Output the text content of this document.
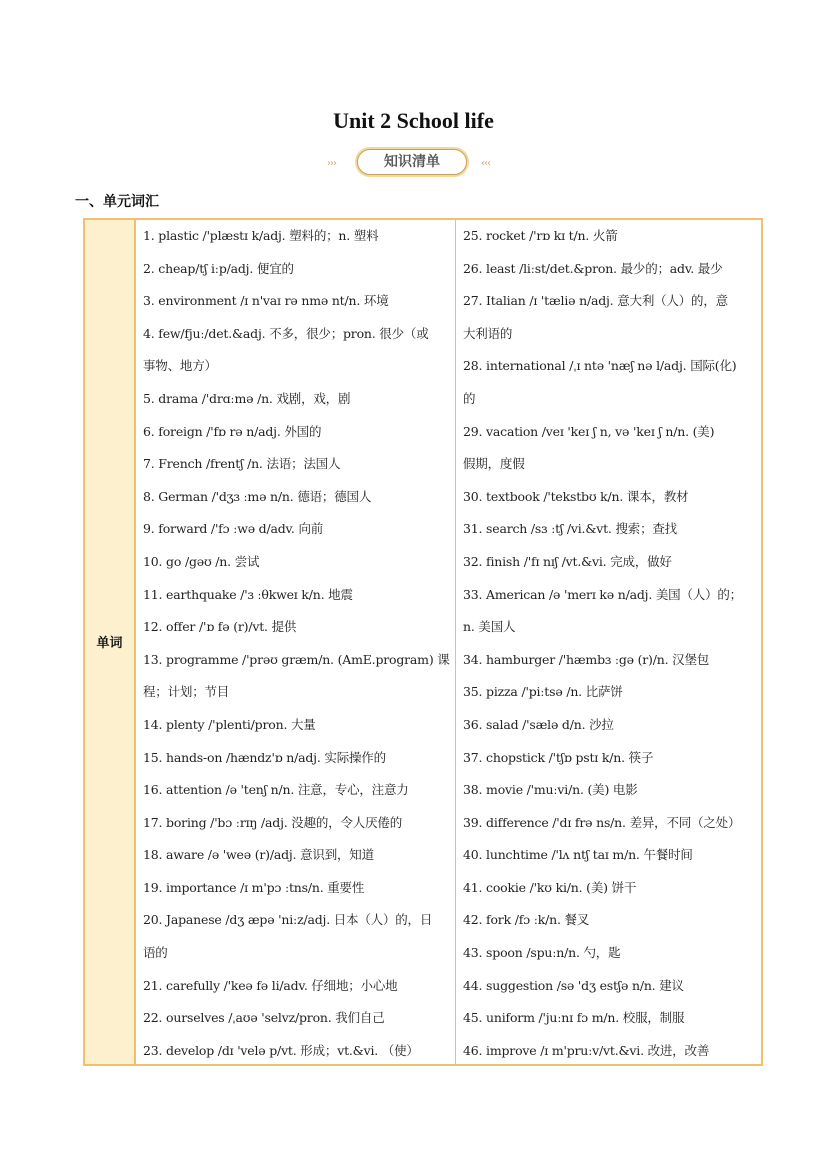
Unit 2 School life
›››	知识清单	‹‹‹
一、单元词汇
单词
1. plastic /'plæstɪ k/adj. 塑料的；n. 塑料
2. cheap/tʃ iːp/adj. 便宜的
3. environment /ɪ n'vaɪ rə nmə nt/n. 环境
4. few/fjuː/det.&adj. 不多，很少；pron. 很少（或
事物、地方）
5. drama /'drɑːmə /n. 戏剧，戏，剧
6. foreign /'fɒ rə n/adj. 外国的
7. French /frentʃ /n. 法语；法国人
8. German /'dʒɜ ːmə n/n. 德语；德国人
9. forward /'fɔ ːwə d/adv. 向前
10. go /gəʊ /n. 尝试
11. earthquake /'ɜ ːθkweɪ k/n. 地震
12. offer /'ɒ fə (r)/vt. 提供
13. programme /'prəʊ græm/n. (AmE.program) 课
程；计划；节目
14. plenty /'plenti/pron. 大量
15. hands-on /hændz'ɒ n/adj. 实际操作的
16. attention /ə 'tenʃ n/n. 注意，专心，注意力
17. boring /'bɔ ːrɪŋ /adj. 没趣的，令人厌倦的
18. aware /ə 'weə (r)/adj. 意识到，知道
19. importance /ɪ m'pɔ ːtns/n. 重要性
20. Japanese /dʒ æpə 'niːz/adj. 日本（人）的，日
语的
21. carefully /'keə fə li/adv. 仔细地；小心地
22. ourselves /ˌaʊə 'selvz/pron. 我们自己
23. develop /dɪ 'velə p/vt. 形成；vt.&vi. （使）
25. rocket /'rɒ kɪ t/n. 火箭
26. least /liːst/det.&pron. 最少的；adv. 最少
27. Italian /ɪ 'tæliə n/adj. 意大利（人）的，意
大利语的
28. international /ˌɪ ntə 'næʃ nə l/adj. 国际(化)
的
29. vacation /veɪ 'keɪ ʃ n, və 'keɪ ʃ n/n. (美)
假期，度假
30. textbook /'tekstbʊ k/n. 课本，教材
31. search /sɜ ːtʃ /vi.&vt. 搜索；查找
32. finish /'fɪ nɪʃ /vt.&vi. 完成，做好
33. American /ə 'merɪ kə n/adj. 美国（人）的；
n. 美国人
34. hamburger /'hæmbɜ ːgə (r)/n. 汉堡包
35. pizza /'piːtsə /n. 比萨饼
36. salad /'sælə d/n. 沙拉
37. chopstick /'tʃɒ pstɪ k/n. 筷子
38. movie /'muːvi/n. (美) 电影
39. difference /'dɪ frə ns/n. 差异，不同（之处）
40. lunchtime /'lʌ ntʃ taɪ m/n. 午餐时间
41. cookie /'kʊ ki/n. (美) 饼干
42. fork /fɔ ːk/n. 餐叉
43. spoon /spuːn/n. 勺，匙
44. suggestion /sə 'dʒ estʃə n/n. 建议
45. uniform /'juːnɪ fɔ m/n. 校服，制服
46. improve /ɪ m'pruːv/vt.&vi. 改进，改善
